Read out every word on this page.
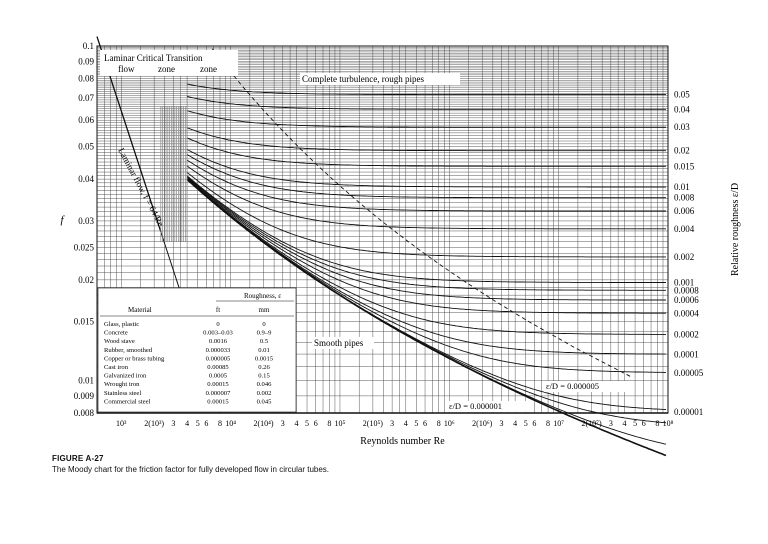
0.1
0.09
0.08
0.07
0.06
0.05
0.04
0.03
0.025
0.02
0.015
0.01
0.009
0.008
10³ 2(10³) 3 4 5 6 8 10⁴ 2(10⁴) 3 4 5 6 8 10⁵ 2(10⁵) 3 4 5 6 8 10⁶ 2(10⁶) 3 4 5 6 8 10⁷ 2(10⁷) 3 4 5 6 8 10⁸
Reynolds number Re
f	Relative roughness ε/D
0.05
0.04
0.03
0.02
0.015
0.01
0.008
0.006
0.004
0.002
0.001
0.0008
0.0006
0.0004
0.0002
0.0001
0.00005
0.00001
Laminar Critical Transition
flow	zone	zone
Complete turbulence, rough pipes
Smooth pipes
Laminar flow, f = 64/Re
ε/D = 0.000005
ε/D = 0.000001
Roughness, ε
Material	ft	mm
Glass, plastic	0	0
Concrete	0.003–0.03	0.9–9
Wood stave	0.0016	0.5
Rubber, smoothed	0.000033	0.01
Copper or brass tubing	0.000005	0.0015
Cast iron	0.00085	0.26
Galvanized iron	0.0005	0.15
Wrought iron	0.00015	0.046
Stainless steel	0.000007	0.002
Commercial steel	0.00015	0.045
FIGURE A-27
The Moody chart for the friction factor for fully developed flow in circular tubes.
